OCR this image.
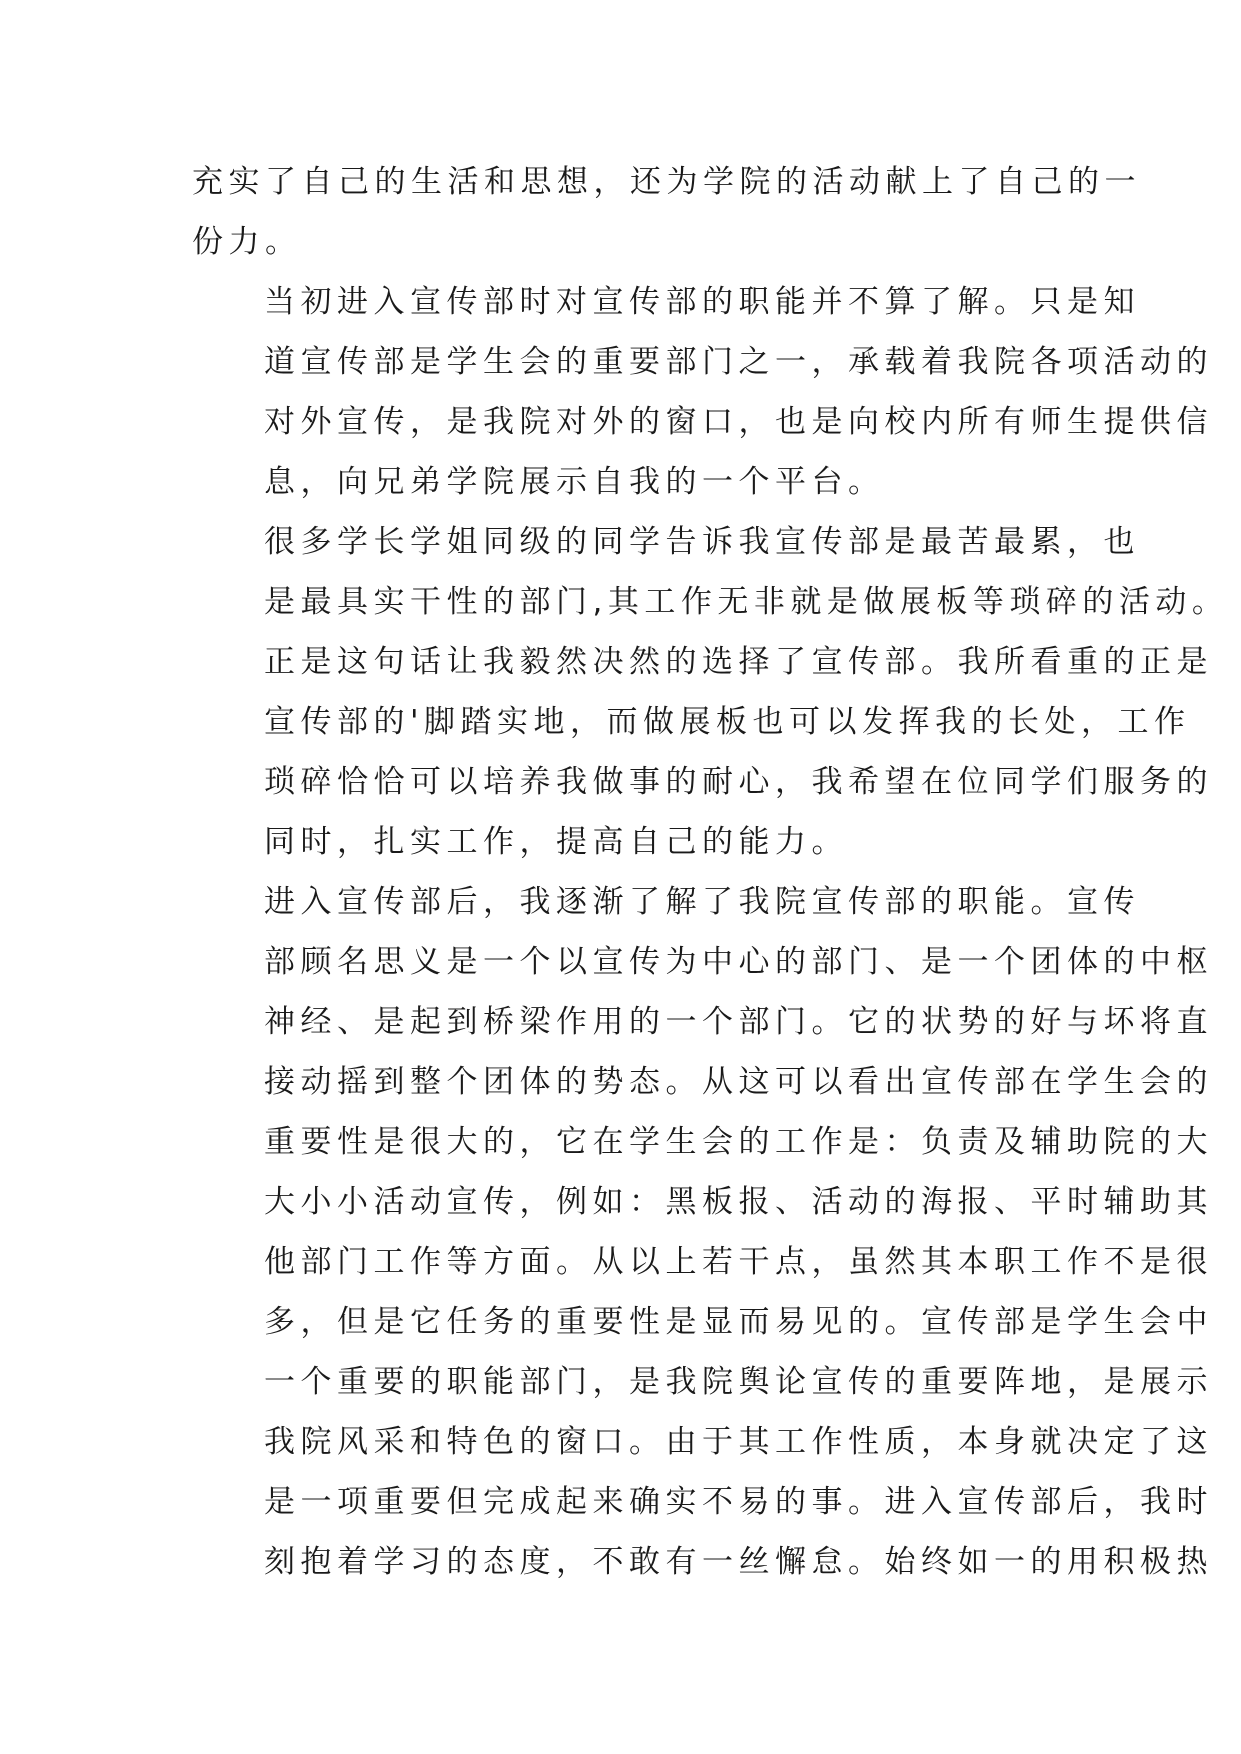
充实了自己的生活和思想，还为学院的活动献上了自己的一
份力。

当初进入宣传部时对宣传部的职能并不算了解。只是知
道宣传部是学生会的重要部门之一，承载着我院各项活动的
对外宣传，是我院对外的窗口，也是向校内所有师生提供信
息，向兄弟学院展示自我的一个平台。

很多学长学姐同级的同学告诉我宣传部是最苦最累，也
是最具实干性的部门,其工作无非就是做展板等琐碎的活动。
正是这句话让我毅然决然的选择了宣传部。我所看重的正是
宣传部的'脚踏实地，而做展板也可以发挥我的长处，工作
琐碎恰恰可以培养我做事的耐心，我希望在位同学们服务的
同时，扎实工作，提高自己的能力。

进入宣传部后，我逐渐了解了我院宣传部的职能。宣传
部顾名思义是一个以宣传为中心的部门、是一个团体的中枢
神经、是起到桥梁作用的一个部门。它的状势的好与坏将直
接动摇到整个团体的势态。从这可以看出宣传部在学生会的
重要性是很大的，它在学生会的工作是：负责及辅助院的大
大小小活动宣传，例如：黑板报、活动的海报、平时辅助其
他部门工作等方面。从以上若干点，虽然其本职工作不是很
多，但是它任务的重要性是显而易见的。宣传部是学生会中
一个重要的职能部门，是我院舆论宣传的重要阵地，是展示
我院风采和特色的窗口。由于其工作性质，本身就决定了这
是一项重要但完成起来确实不易的事。进入宣传部后，我时
刻抱着学习的态度，不敢有一丝懈怠。始终如一的用积极热
